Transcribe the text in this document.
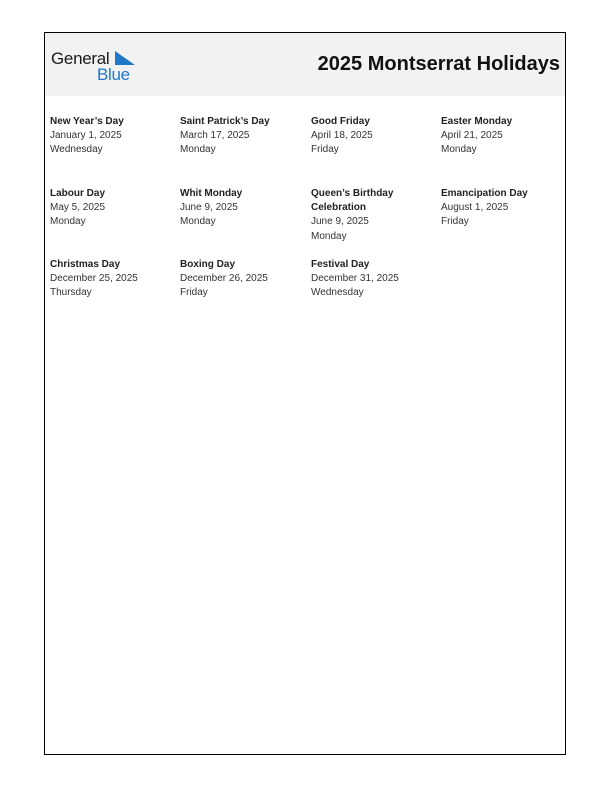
General
Blue	2025 Montserrat Holidays
New Year’s Day
January 1, 2025
Wednesday
Saint Patrick’s Day
March 17, 2025
Monday
Good Friday
April 18, 2025
Friday
Easter Monday
April 21, 2025
Monday
Labour Day
May 5, 2025
Monday
Whit Monday
June 9, 2025
Monday
Queen’s Birthday Celebration
June 9, 2025
Monday
Emancipation Day
August 1, 2025
Friday
Christmas Day
December 25, 2025
Thursday
Boxing Day
December 26, 2025
Friday
Festival Day
December 31, 2025
Wednesday
